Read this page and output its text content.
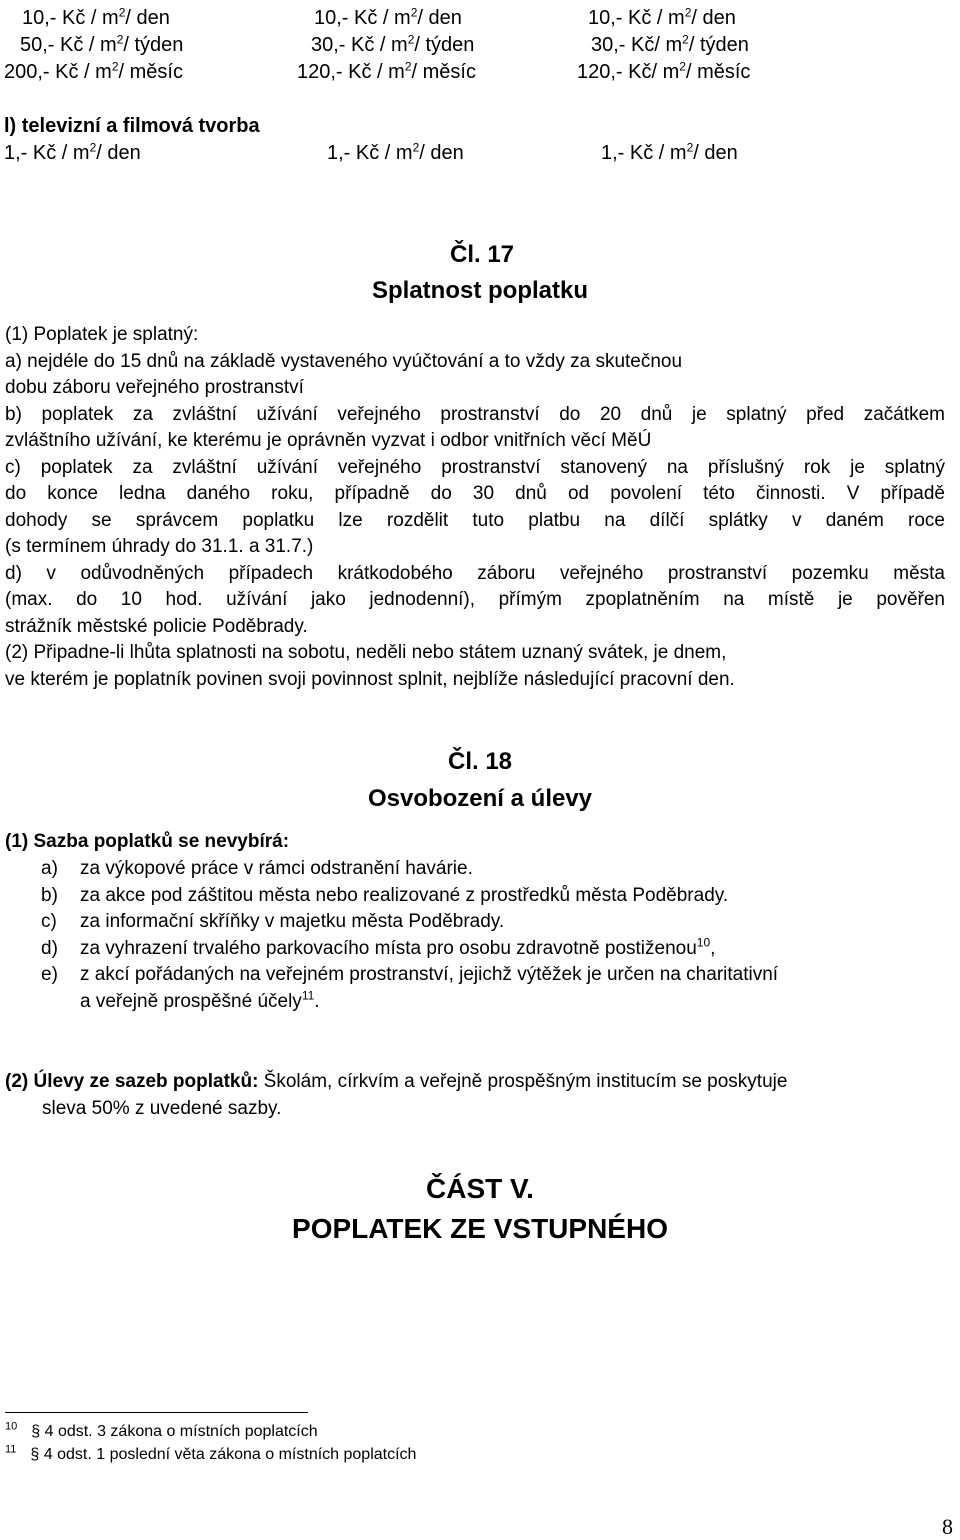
10,- Kč / $m^2/$ den	10,- Kč / $m^2/$ den	10,- Kč / $m^2/$ den
50,- Kč / $m^2/$ týden	30,- Kč / $m^2/$ týden	30,- Kč/ $m^2/$ týden
200,- Kč / $m^2/$ měsíc	120,- Kč / $m^2/$ měsíc	120,- Kč/ $m^2/$ měsíc
l) televizní a filmová tvorba
1,- Kč / $m^2/$ den	1,- Kč / $m^2/$ den	1,- Kč / $m^2/$ den
Čl. 17
Splatnost poplatku
(1) Poplatek je splatný:
a) nejdéle do 15 dnů na základě vystaveného vyúčtování a to vždy za skutečnou
dobu záboru veřejného prostranství
b) poplatek za zvláštní užívání veřejného prostranství do 20 dnů je splatný před začátkem
zvláštního užívání, ke kterému je oprávněn vyzvat i odbor vnitřních věcí MěÚ
c) poplatek za zvláštní užívání veřejného prostranství stanovený na příslušný rok je splatný
do konce ledna daného roku, případně do 30 dnů od povolení této činnosti. V případě
dohody se správcem poplatku lze rozdělit tuto platbu na dílčí splátky v daném roce
(s termínem úhrady do 31.1. a 31.7.)
d) v odůvodněných případech krátkodobého záboru veřejného prostranství pozemku města
(max. do 10 hod. užívání jako jednodenní), přímým zpoplatněním na místě je pověřen
strážník městské policie Poděbrady.
(2) Připadne-li lhůta splatnosti na sobotu, neděli nebo státem uznaný svátek, je dnem,
ve kterém je poplatník povinen svoji povinnost splnit, nejblíže následující pracovní den.
Čl. 18
Osvobození a úlevy
(1) Sazba poplatků se nevybírá:
a) za výkopové práce v rámci odstranění havárie.
b) za akce pod záštitou města nebo realizované z prostředků města Poděbrady.
c) za informační skříňky v majetku města Poděbrady.
d) za vyhrazení trvalého parkovacího místa pro osobu zdravotně postiženou$^{10}$,
e) z akcí pořádaných na veřejném prostranství, jejichž výtěžek je určen na charitativní
a veřejně prospěšné účely$^{11}$.
(2) Úlevy ze sazeb poplatků: Školám, církvím a veřejně prospěšným institucím se poskytuje
sleva 50% z uvedené sazby.
ČÁST V.
POPLATEK ZE VSTUPNÉHO
$^{10}$ § 4 odst. 3 zákona o místních poplatcích
$^{11}$ § 4 odst. 1 poslední věta zákona o místních poplatcích
8
